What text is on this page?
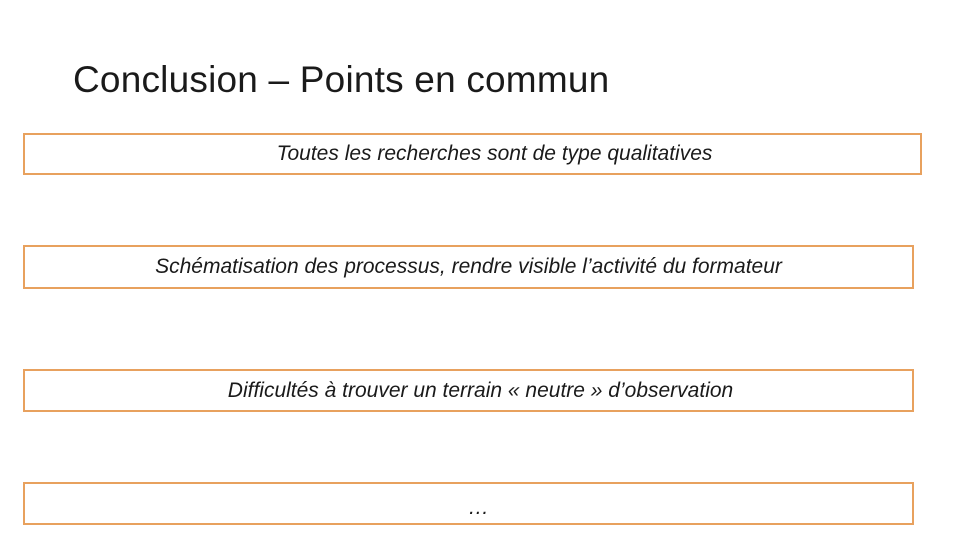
Conclusion – Points en commun
Toutes les recherches sont de type qualitatives
Schématisation des processus, rendre visible l’activité du formateur
Difficultés à trouver un terrain « neutre » d’observation
…
